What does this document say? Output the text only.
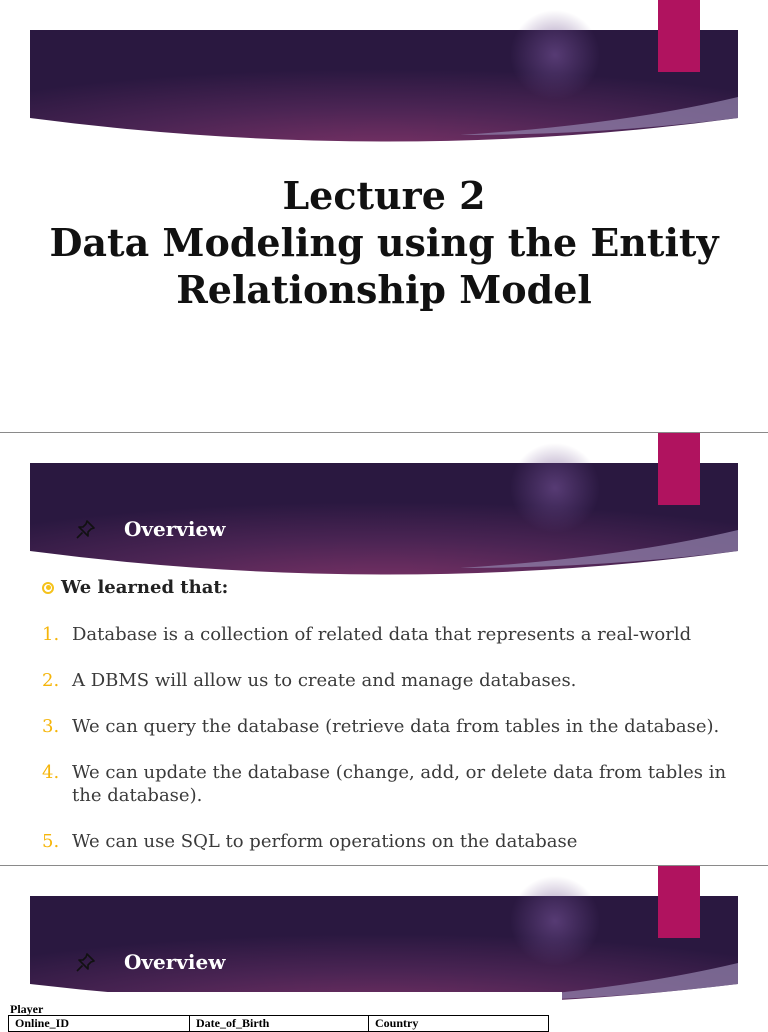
Lecture 2
Data Modeling using the Entity
Relationship Model
Overview
We learned that:
1. Database is a collection of related data that represents a real-world
2. A DBMS will allow us to create and manage databases.
3. We can query the database (retrieve data from tables in the database).
4. We can update the database (change, add, or delete data from tables in the database).
5. We can use SQL to perform operations on the database
Overview
Player
Online_ID	Date_of_Birth	Country
